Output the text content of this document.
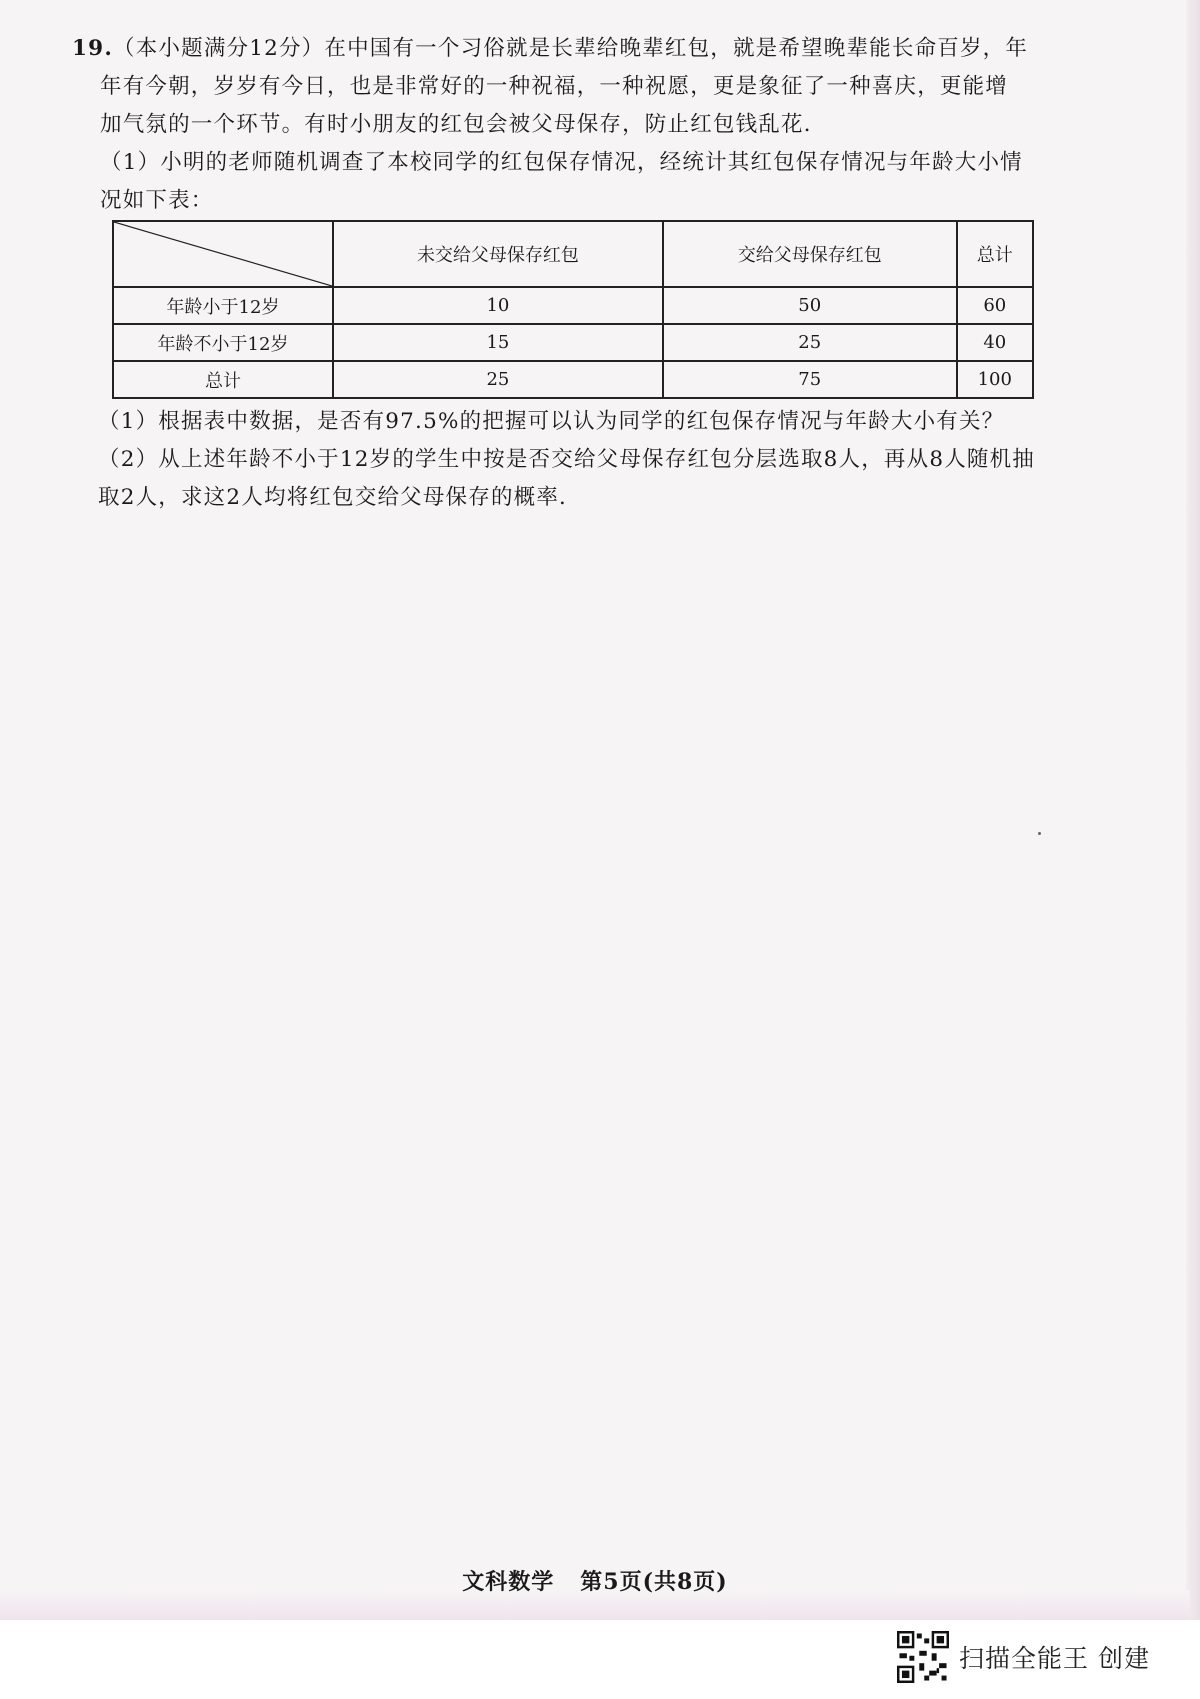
19.（本小题满分12分）在中国有一个习俗就是长辈给晚辈红包，就是希望晚辈能长命百岁，年

年有今朝，岁岁有今日，也是非常好的一种祝福，一种祝愿，更是象征了一种喜庆，更能增

加气氛的一个环节。有时小朋友的红包会被父母保存，防止红包钱乱花．

（1）小明的老师随机调查了本校同学的红包保存情况，经统计其红包保存情况与年龄大小情

况如下表：

	未交给父母保存红包	交给父母保存红包	总计
年龄小于12岁	10	50	60
年龄不小于12岁	15	25	40
总计	25	75	100

（1）根据表中数据，是否有97.5%的把握可以认为同学的红包保存情况与年龄大小有关？

（2）从上述年龄不小于12岁的学生中按是否交给父母保存红包分层选取8人，再从8人随机抽

取2人，求这2人均将红包交给父母保存的概率．

文科数学 第5页(共8页)
扫描全能王 创建
